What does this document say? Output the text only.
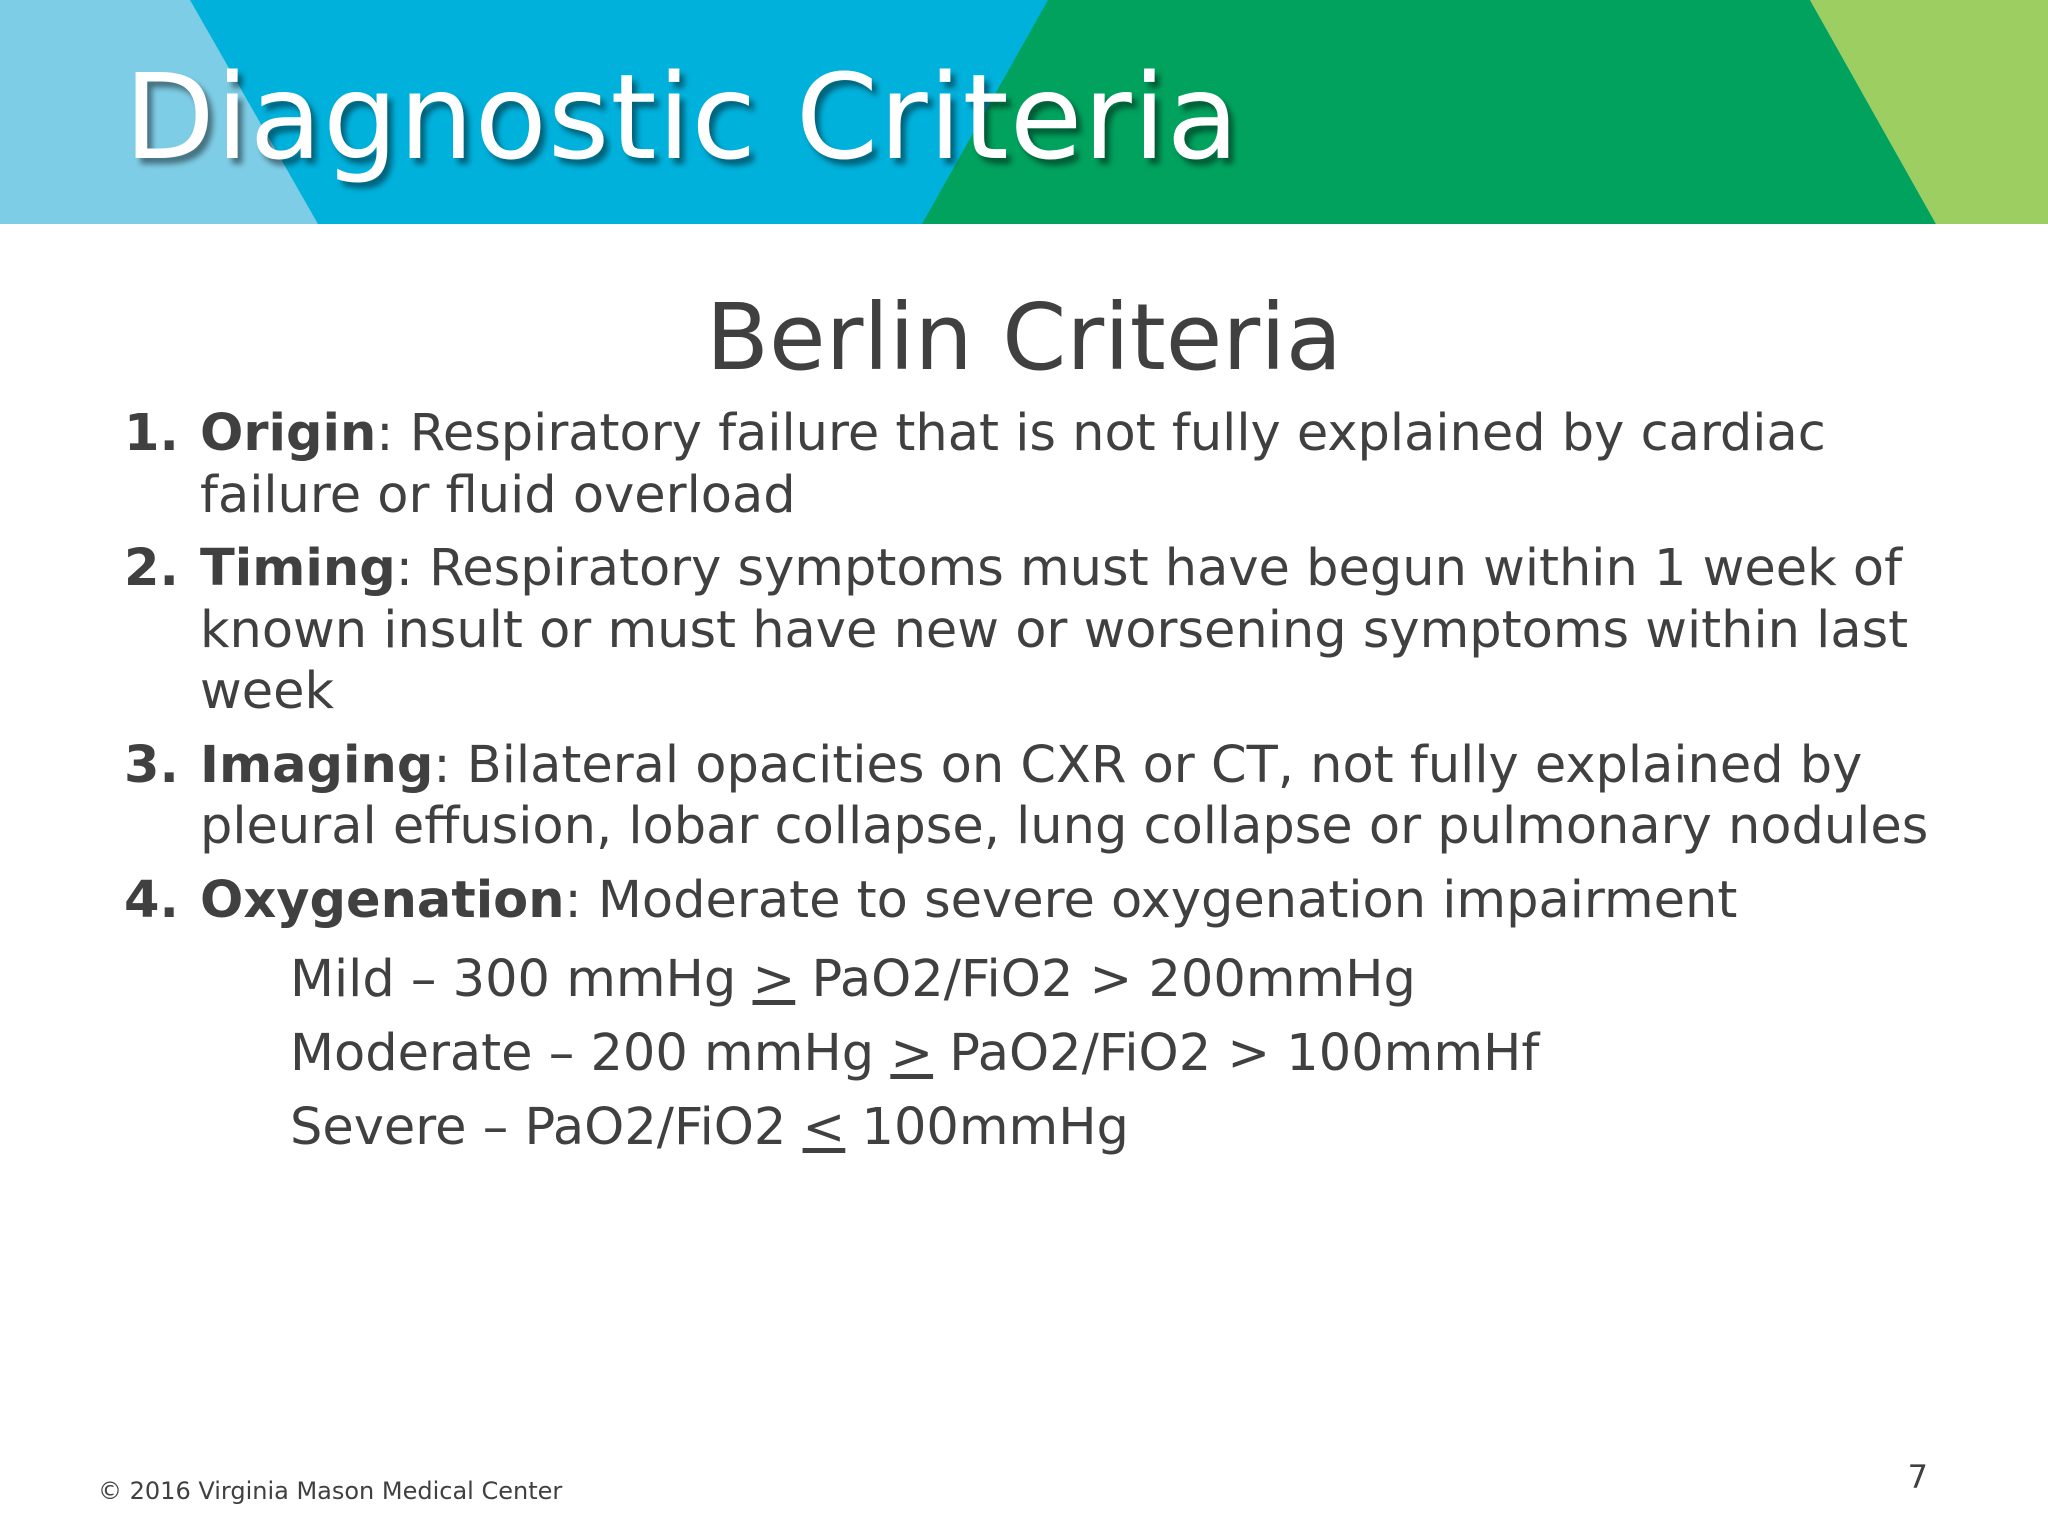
Diagnostic Criteria
Berlin Criteria
1. Origin: Respiratory failure that is not fully explained by cardiac failure or fluid overload
2. Timing: Respiratory symptoms must have begun within 1 week of known insult or must have new or worsening symptoms within last week
3. Imaging: Bilateral opacities on CXR or CT, not fully explained by pleural effusion, lobar collapse, lung collapse or pulmonary nodules
4. Oxygenation: Moderate to severe oxygenation impairment
Mild – 300 mmHg > PaO2/FiO2 > 200mmHg
Moderate – 200 mmHg > PaO2/FiO2 > 100mmHf
Severe – PaO2/FiO2 < 100mmHg
© 2016 Virginia Mason Medical Center	7
